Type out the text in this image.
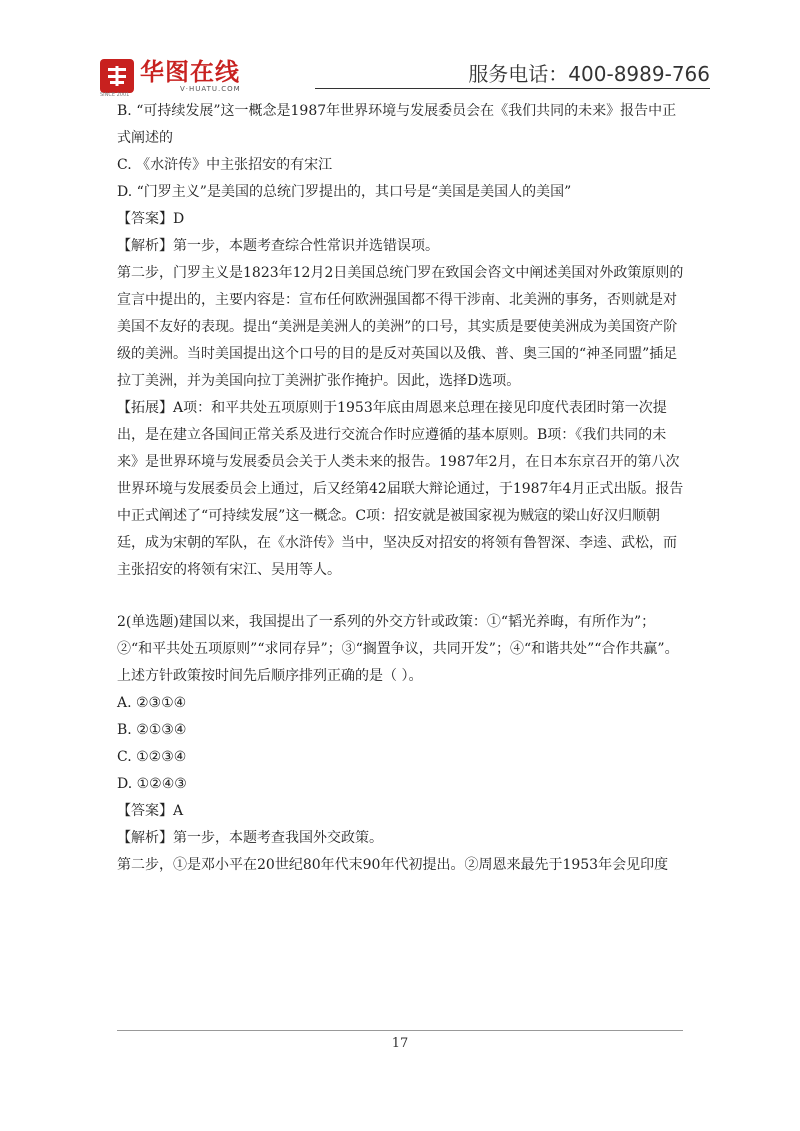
华图在线
V·HUATU.COM
SINCE 2001
服务电话：400-8989-766

B. “可持续发展”这一概念是1987年世界环境与发展委员会在《我们共同的未来》报告中正式阐述的

C. 《水浒传》中主张招安的有宋江

D. “门罗主义”是美国的总统门罗提出的，其口号是“美国是美国人的美国”

【答案】D

【解析】第一步，本题考查综合性常识并选错误项。

第二步，门罗主义是1823年12月2日美国总统门罗在致国会咨文中阐述美国对外政策原则的宣言中提出的，主要内容是：宣布任何欧洲强国都不得干涉南、北美洲的事务，否则就是对美国不友好的表现。提出“美洲是美洲人的美洲”的口号，其实质是要使美洲成为美国资产阶级的美洲。当时美国提出这个口号的目的是反对英国以及俄、普、奥三国的“神圣同盟”插足拉丁美洲，并为美国向拉丁美洲扩张作掩护。因此，选择D选项。

【拓展】A项：和平共处五项原则于1953年底由周恩来总理在接见印度代表团时第一次提出，是在建立各国间正常关系及进行交流合作时应遵循的基本原则。B项：《我们共同的未来》是世界环境与发展委员会关于人类未来的报告。1987年2月，在日本东京召开的第八次世界环境与发展委员会上通过，后又经第42届联大辩论通过，于1987年4月正式出版。报告中正式阐述了“可持续发展”这一概念。C项：招安就是被国家视为贼寇的梁山好汉归顺朝廷，成为宋朝的军队，在《水浒传》当中，坚决反对招安的将领有鲁智深、李逵、武松，而主张招安的将领有宋江、吴用等人。

2(单选题)建国以来，我国提出了一系列的外交方针或政策：①“韬光养晦，有所作为”；②“和平共处五项原则”“求同存异”；③“搁置争议，共同开发”；④“和谐共处”“合作共赢”。上述方针政策按时间先后顺序排列正确的是（ ）。

A. ②③①④

B. ②①③④

C. ①②③④

D. ①②④③

【答案】A

【解析】第一步，本题考查我国外交政策。

第二步，①是邓小平在20世纪80年代末90年代初提出。②周恩来最先于1953年会见印度

17
